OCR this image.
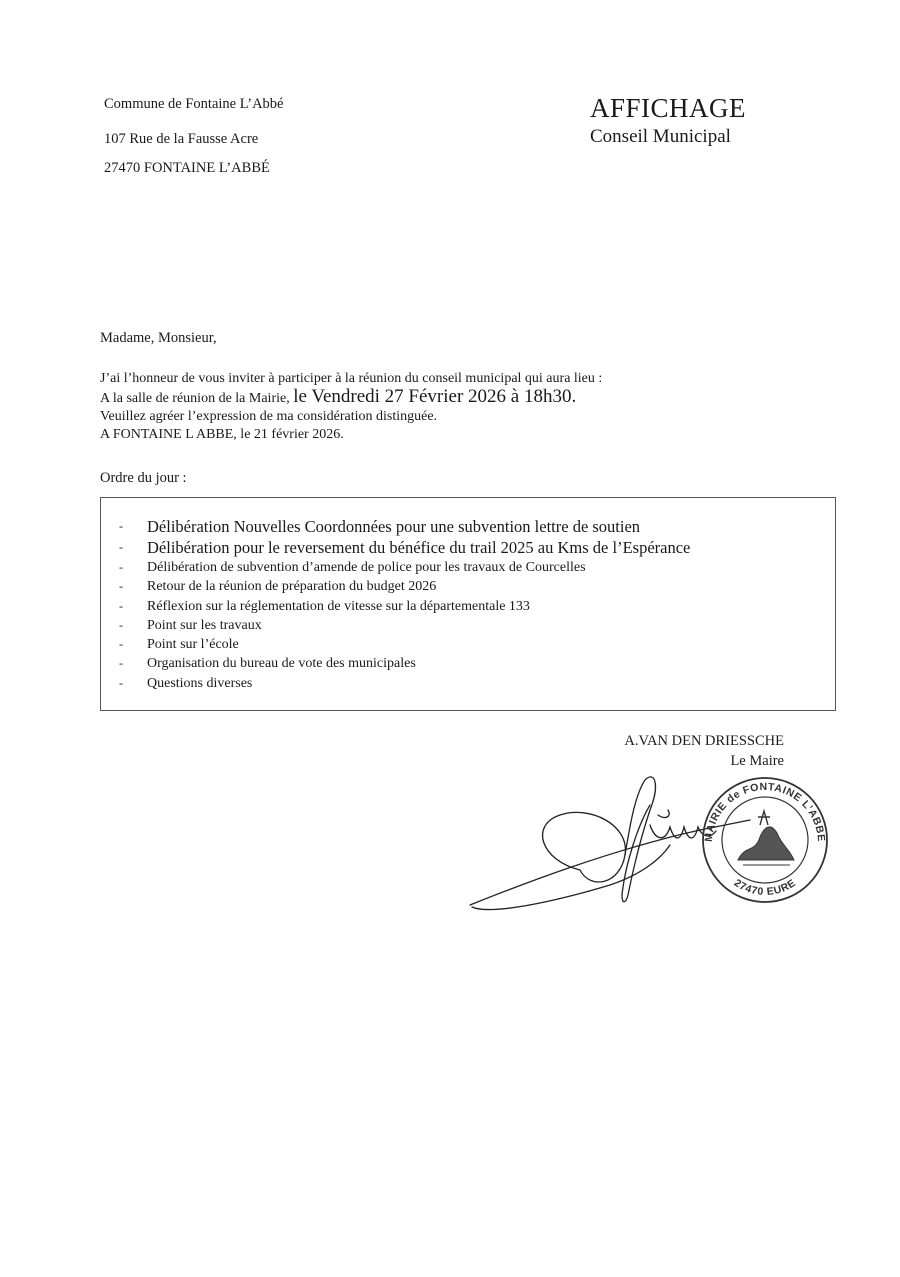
Commune de Fontaine L’Abbé
107 Rue de la Fausse Acre
27470 FONTAINE L’ABBÉ
AFFICHAGE
Conseil Municipal
Madame, Monsieur,
J’ai l’honneur de vous inviter à participer à la réunion du conseil municipal qui aura lieu :
A la salle de réunion de la Mairie, le Vendredi 27 Février 2026 à 18h30.
Veuillez agréer l’expression de ma considération distinguée.
A FONTAINE L ABBE, le 21 février 2026.
Ordre du jour :
-	Délibération Nouvelles Coordonnées pour une subvention lettre de soutien
-	Délibération pour le reversement du bénéfice du trail 2025 au Kms de l’Espérance
-	Délibération de subvention d’amende de police pour les travaux de Courcelles
-	Retour de la réunion de préparation du budget 2026
-	Réflexion sur la réglementation de vitesse sur la départementale 133
-	Point sur les travaux
-	Point sur l’école
-	Organisation du bureau de vote des municipales
-	Questions diverses
A.VAN DEN DRIESSCHE
Le Maire
MAIRIE de FONTAINE L’ABBE
27470 EURE
